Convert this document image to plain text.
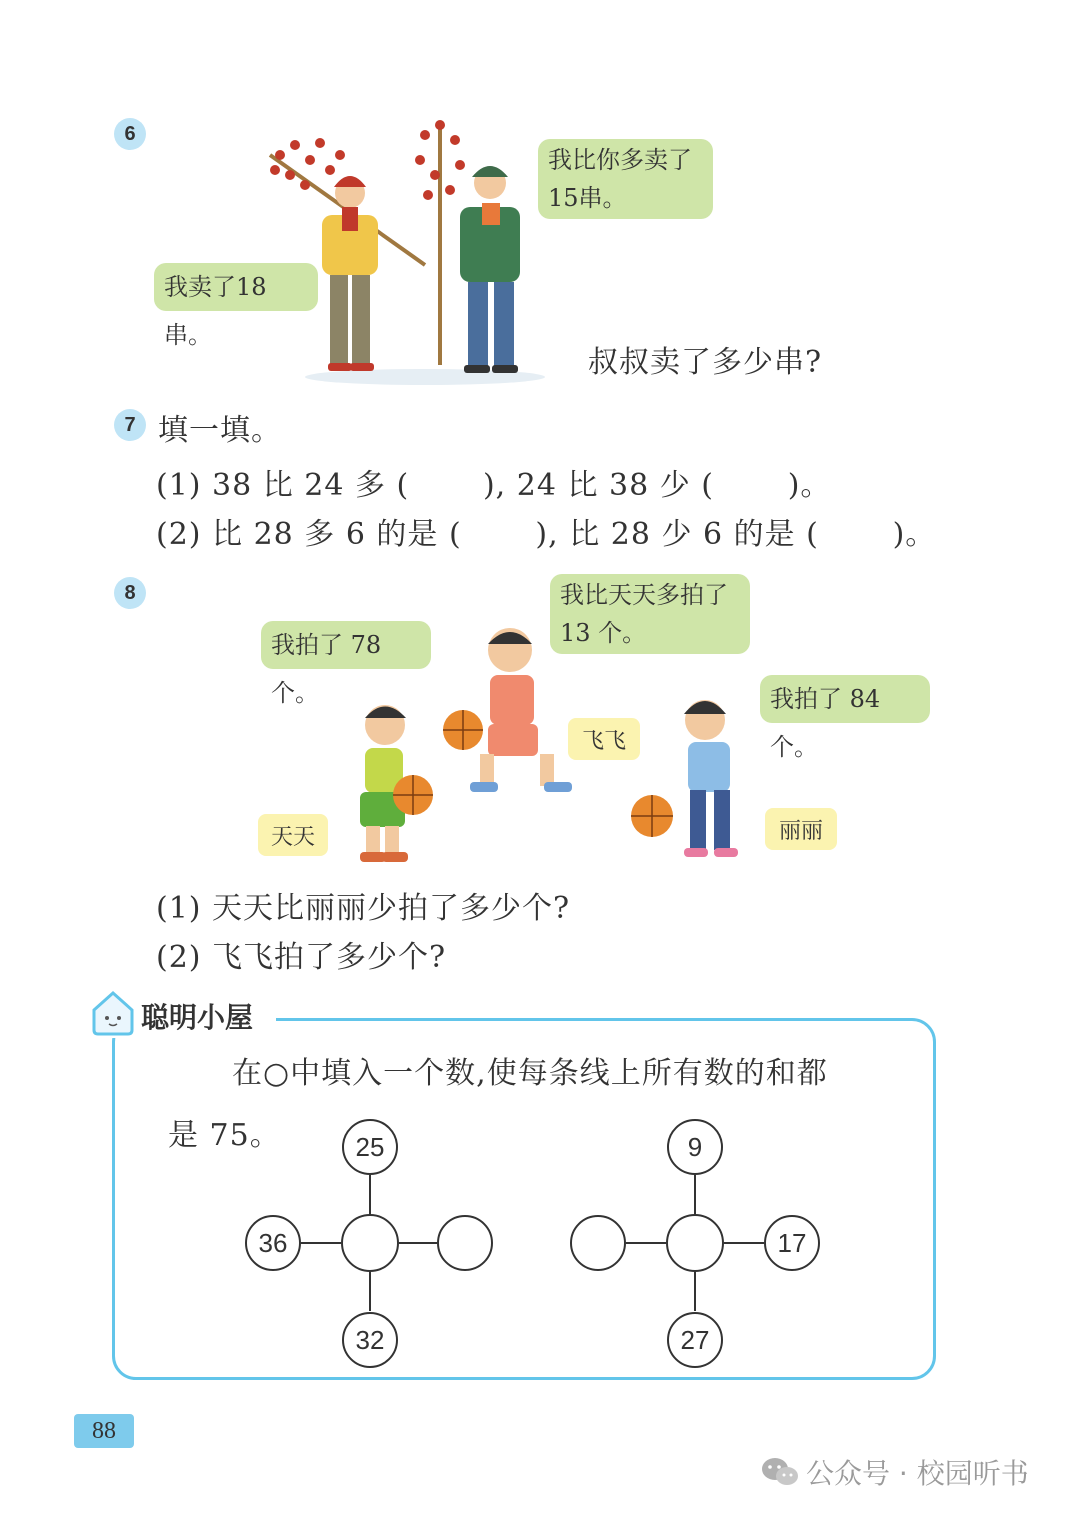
6
我比你多卖了
15串。
我卖了18串。
叔叔卖了多少串?
7 填一填。
(1) 38 比 24 多 (       ), 24 比 38 少 (       )。
(2) 比 28 多 6 的是 (       ), 比 28 少 6 的是 (       )。
8
我拍了 78 个。
我比天天多拍了
13 个。
我拍了 84 个。
天天
飞飞
丽丽
(1) 天天比丽丽少拍了多少个?
(2) 飞飞拍了多少个?
聪明小屋
在○中填入一个数,使每条线上所有数的和都
是 75。	25
36
32
9
17
27
88
公众号 · 校园听书
